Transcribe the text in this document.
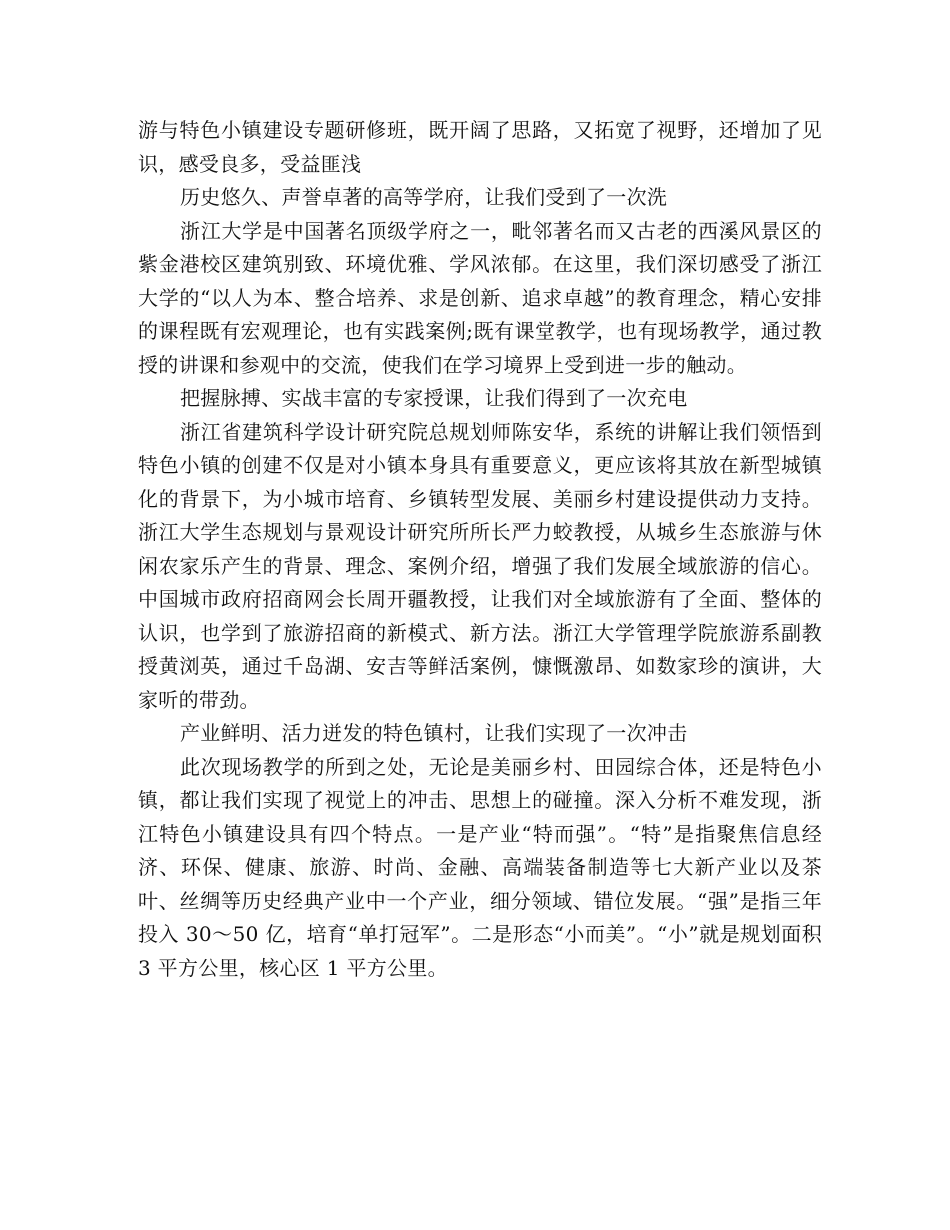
游与特色小镇建设专题研修班，既开阔了思路，又拓宽了视野，还增加了见识，感受良多，受益匪浅

历史悠久、声誉卓著的高等学府，让我们受到了一次洗

浙江大学是中国著名顶级学府之一，毗邻著名而又古老的西溪风景区的紫金港校区建筑别致、环境优雅、学风浓郁。在这里，我们深切感受了浙江大学的“以人为本、整合培养、求是创新、追求卓越”的教育理念，精心安排的课程既有宏观理论，也有实践案例;既有课堂教学，也有现场教学，通过教授的讲课和参观中的交流，使我们在学习境界上受到进一步的触动。

把握脉搏、实战丰富的专家授课，让我们得到了一次充电

浙江省建筑科学设计研究院总规划师陈安华，系统的讲解让我们领悟到特色小镇的创建不仅是对小镇本身具有重要意义，更应该将其放在新型城镇化的背景下，为小城市培育、乡镇转型发展、美丽乡村建设提供动力支持。浙江大学生态规划与景观设计研究所所长严力蛟教授，从城乡生态旅游与休闲农家乐产生的背景、理念、案例介绍，增强了我们发展全域旅游的信心。中国城市政府招商网会长周开疆教授，让我们对全域旅游有了全面、整体的认识，也学到了旅游招商的新模式、新方法。浙江大学管理学院旅游系副教授黄浏英，通过千岛湖、安吉等鲜活案例，慷慨激昂、如数家珍的演讲，大家听的带劲。

产业鲜明、活力迸发的特色镇村，让我们实现了一次冲击

此次现场教学的所到之处，无论是美丽乡村、田园综合体，还是特色小镇，都让我们实现了视觉上的冲击、思想上的碰撞。深入分析不难发现，浙江特色小镇建设具有四个特点。一是产业“特而强”。“特”是指聚焦信息经济、环保、健康、旅游、时尚、金融、高端装备制造等七大新产业以及茶叶、丝绸等历史经典产业中一个产业，细分领域、错位发展。“强”是指三年投入 30～50 亿，培育“单打冠军”。二是形态“小而美”。“小”就是规划面积 3 平方公里，核心区 1 平方公里。
